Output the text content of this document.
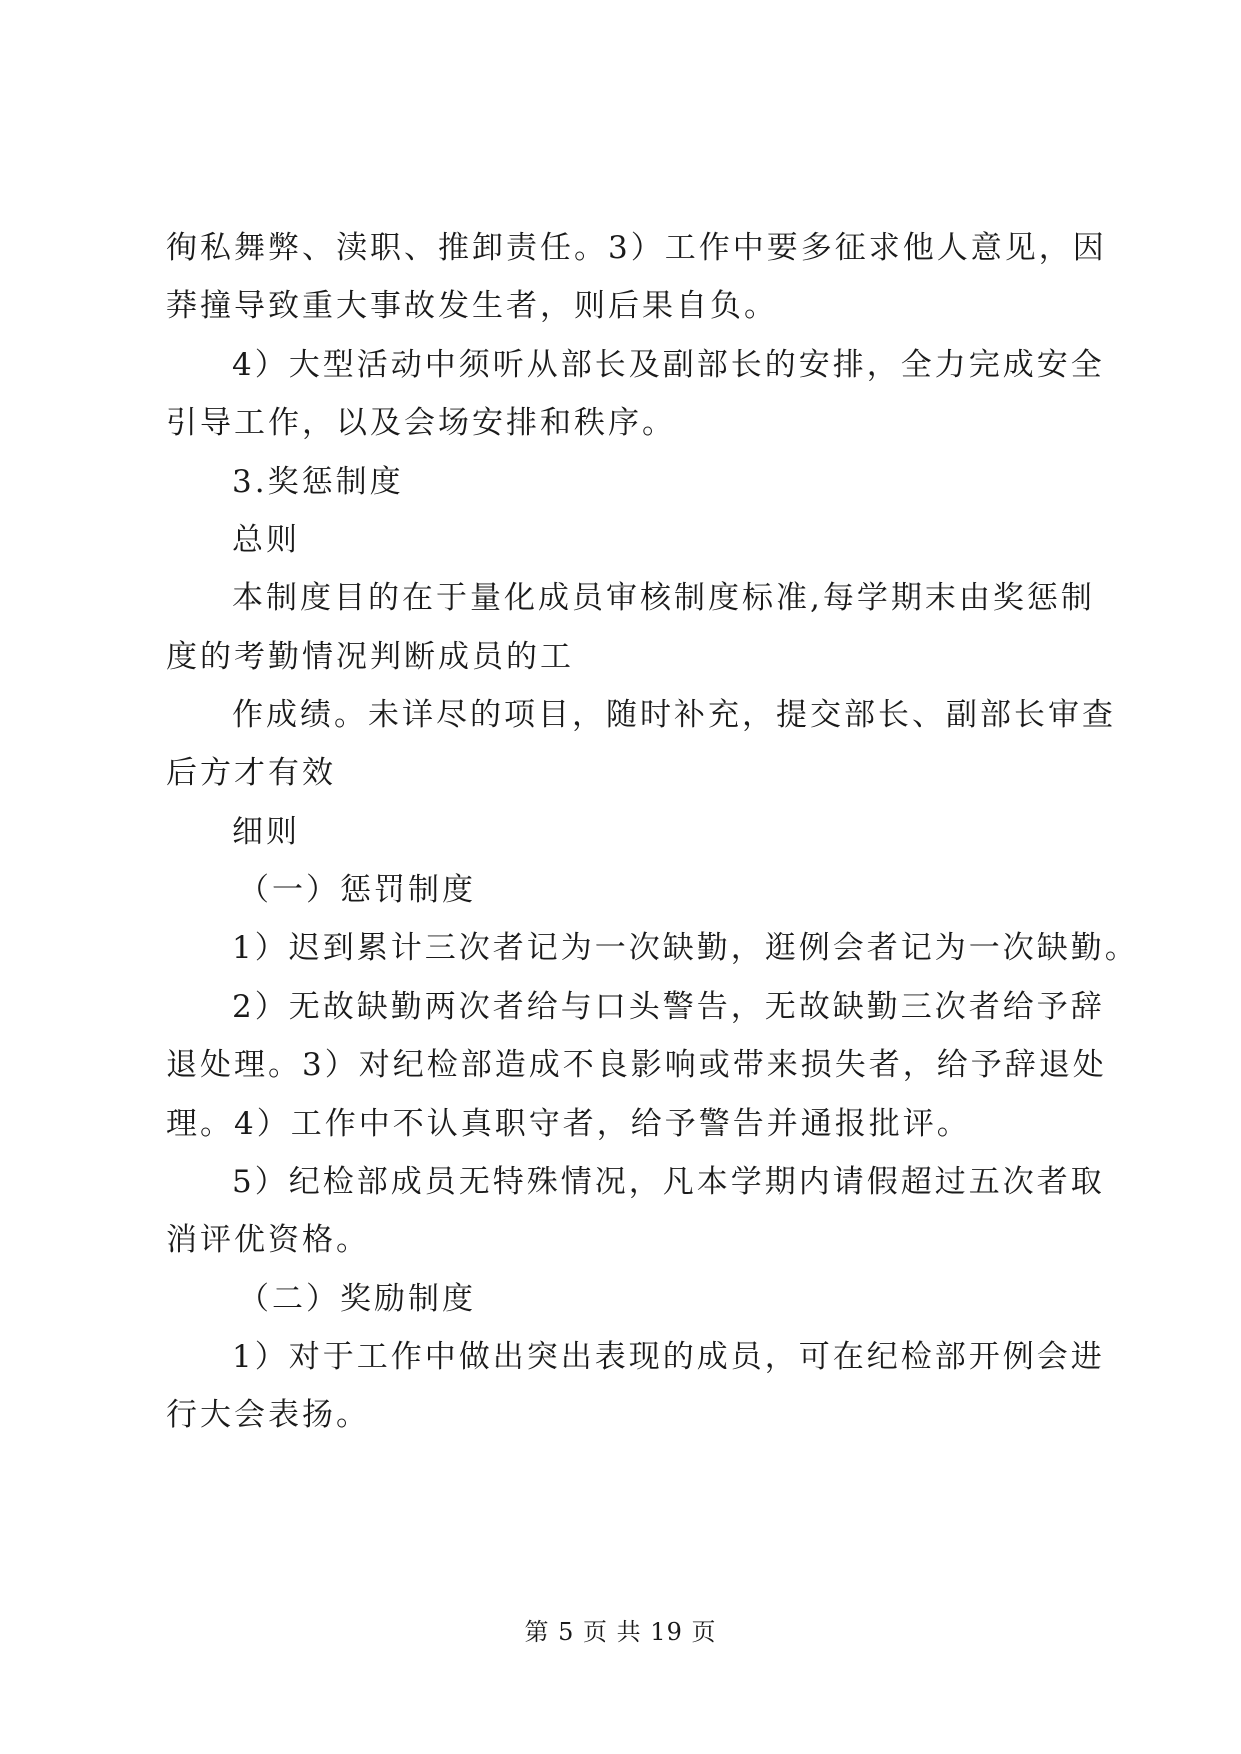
徇私舞弊、渎职、推卸责任。3）工作中要多征求他人意见，因
莽撞导致重大事故发生者，则后果自负。
4）大型活动中须听从部长及副部长的安排，全力完成安全
引导工作，以及会场安排和秩序。
3.奖惩制度
总则
本制度目的在于量化成员审核制度标准,每学期末由奖惩制
度的考勤情况判断成员的工
作成绩。未详尽的项目，随时补充，提交部长、副部长审查
后方才有效
细则
（一）惩罚制度
1）迟到累计三次者记为一次缺勤，逛例会者记为一次缺勤。
2）无故缺勤两次者给与口头警告，无故缺勤三次者给予辞
退处理。3）对纪检部造成不良影响或带来损失者，给予辞退处
理。4）工作中不认真职守者，给予警告并通报批评。
5）纪检部成员无特殊情况，凡本学期内请假超过五次者取
消评优资格。
（二）奖励制度
1）对于工作中做出突出表现的成员，可在纪检部开例会进
行大会表扬。
第 5 页 共 19 页
